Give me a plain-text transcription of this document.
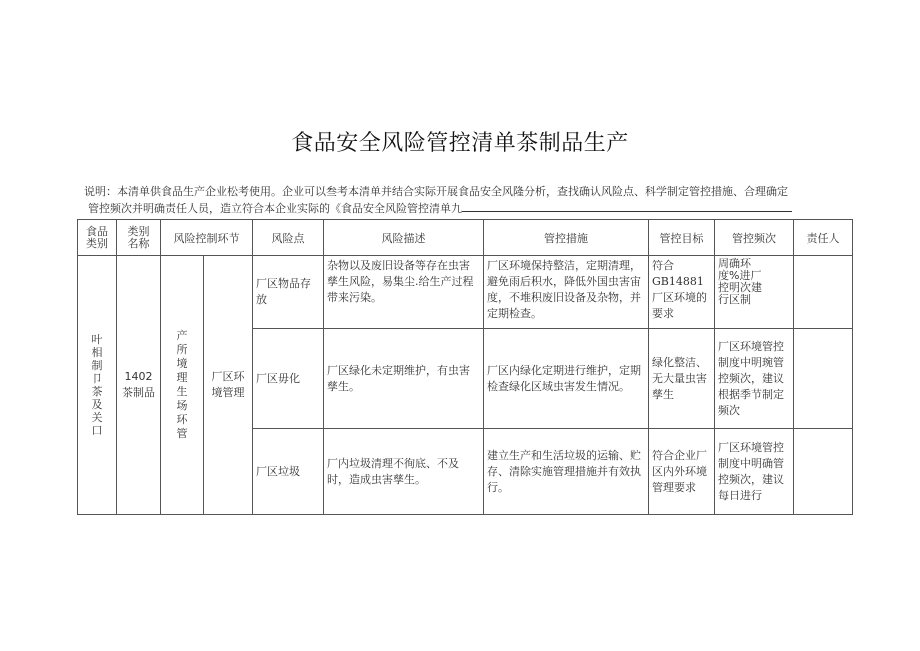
食品安全风险管控清单茶制品生产
说明：本清单供食品生产企业松考使用。企业可以叁考本清单并结合实际开展食品安全风隆分析，查找确认风险点、科学制定管控措施、合理确定
管控频次并明确责任人员，造立符合本企业实际的《食品安全风险管控清单九
食品类别	类别名称	风险控制环节		风险点	风险描述	管控措施	管控目标	管控频次	责任人

叶相制卩茶及关口	1402茶制品	产所境理生场环管	厂区环境管理	厂区物品存放	杂物以及废旧设备等存在虫害孳生风险，易集尘.给生产过程带来污染。	厂区环境保持整洁，定期清理，避免雨后积水，降低外国虫害宙度，不堆积废旧设备及杂物，并定期检查。	符合GB14881厂区环境的要求	周确环度%进厂控明次建行区制	

				厂区毋化	厂区绿化未定期维护，有虫害孳生。	厂区内绿化定期进行维护，定期检查绿化区域虫害发生情况。	绿化整洁、无大量虫害孳生	厂区环境管控制度中明琬管控频次，建议根据季节制定频次	
				厂区垃圾	厂内垃圾清理不徇底、不及时，造成虫害孳生。	建立生产和生活垃圾的运输、贮存、清除实施管理措施并有效执行。	符合企业厂区内外环境管理要求	厂区环境管控制度中明确管控频次，建议每日进行	
